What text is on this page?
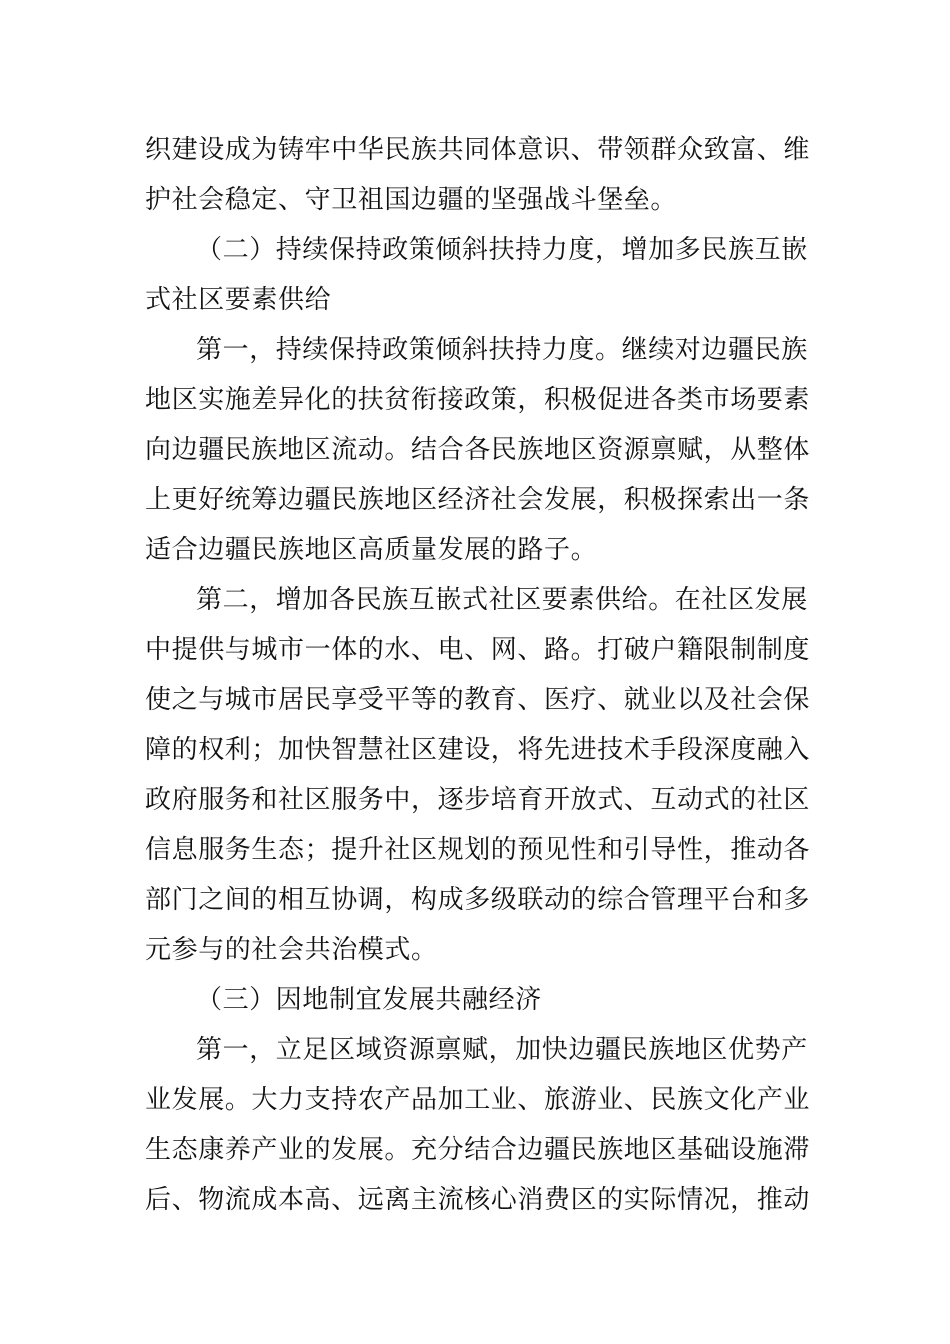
织建设成为铸牢中华民族共同体意识、带领群众致富、维
护社会稳定、守卫祖国边疆的坚强战斗堡垒。
（二）持续保持政策倾斜扶持力度，增加多民族互嵌
式社区要素供给
第一，持续保持政策倾斜扶持力度。继续对边疆民族
地区实施差异化的扶贫衔接政策，积极促进各类市场要素
向边疆民族地区流动。结合各民族地区资源禀赋，从整体
上更好统筹边疆民族地区经济社会发展，积极探索出一条
适合边疆民族地区高质量发展的路子。
第二，增加各民族互嵌式社区要素供给。在社区发展
中提供与城市一体的水、电、网、路。打破户籍限制制度
使之与城市居民享受平等的教育、医疗、就业以及社会保
障的权利；加快智慧社区建设，将先进技术手段深度融入
政府服务和社区服务中，逐步培育开放式、互动式的社区
信息服务生态；提升社区规划的预见性和引导性，推动各
部门之间的相互协调，构成多级联动的综合管理平台和多
元参与的社会共治模式。
（三）因地制宜发展共融经济
第一，立足区域资源禀赋，加快边疆民族地区优势产
业发展。大力支持农产品加工业、旅游业、民族文化产业
生态康养产业的发展。充分结合边疆民族地区基础设施滞
后、物流成本高、远离主流核心消费区的实际情况，推动
